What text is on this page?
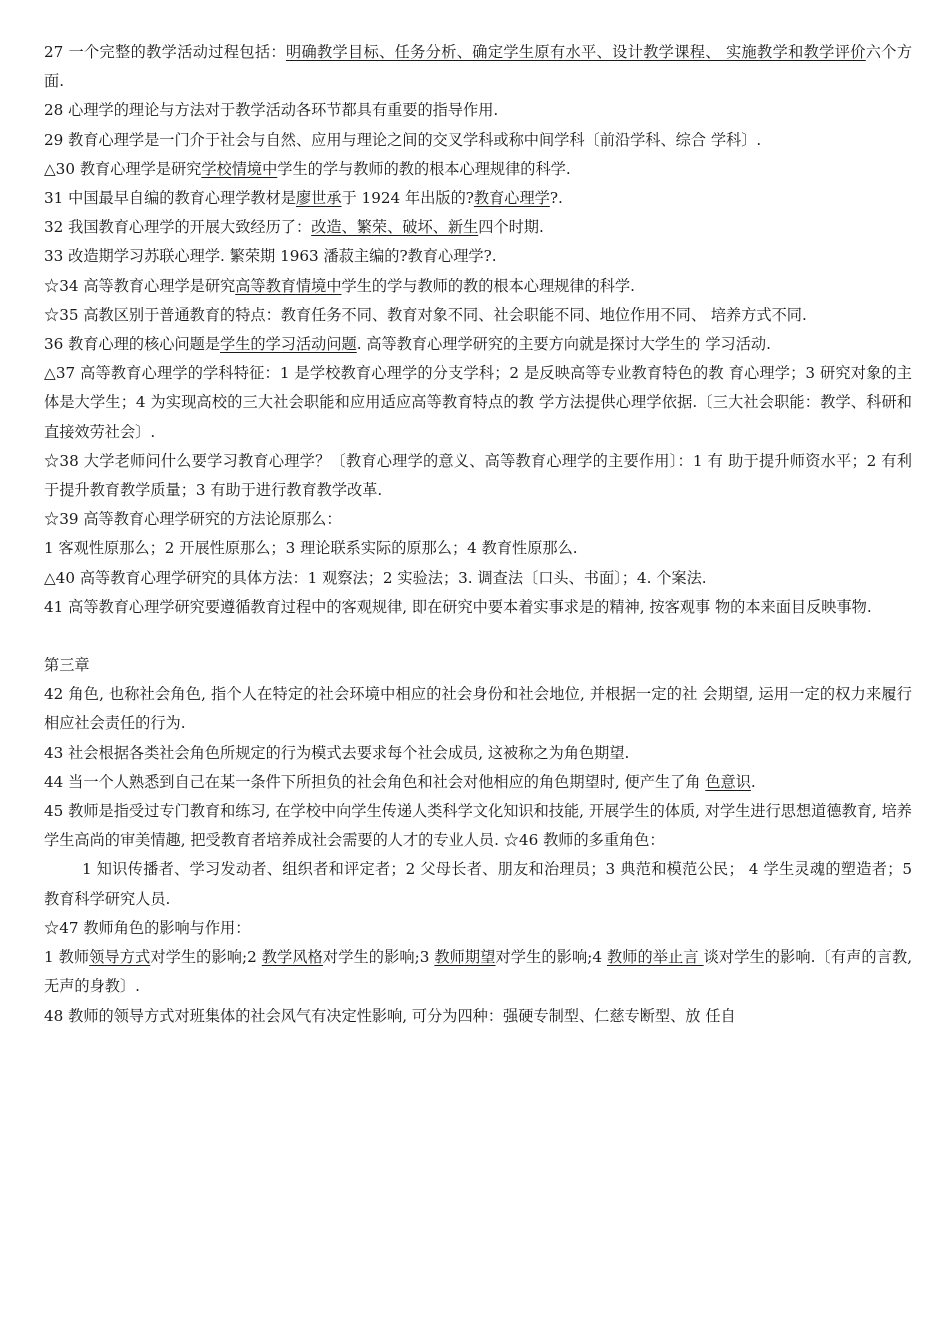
27 一个完整的教学活动过程包括：明确教学目标、任务分析、确定学生原有水平、设计教学课程、 实施教学和教学评价六个方面.

28 心理学的理论与方法对于教学活动各环节都具有重要的指导作用.

29 教育心理学是一门介于社会与自然、应用与理论之间的交叉学科或称中间学科〔前沿学科、综合 学科〕.

△30 教育心理学是研究学校情境中学生的学与教师的教的根本心理规律的科学.

31 中国最早自编的教育心理学教材是廖世承于 1924 年出版的?教育心理学?.

32 我国教育心理学的开展大致经历了：改造、繁荣、破坏、新生四个时期.

33 改造期学习苏联心理学. 繁荣期 1963 潘菽主编的?教育心理学?.

☆34 高等教育心理学是研究高等教育情境中学生的学与教师的教的根本心理规律的科学.

☆35 高教区别于普通教育的特点：教育任务不同、教育对象不同、社会职能不同、地位作用不同、 培养方式不同.

36 教育心理的核心问题是学生的学习活动问题. 高等教育心理学研究的主要方向就是探讨大学生的 学习活动.

△37 高等教育心理学的学科特征：1 是学校教育心理学的分支学科；2 是反映高等专业教育特色的教 育心理学；3 研究对象的主体是大学生；4 为实现高校的三大社会职能和应用适应高等教育特点的教 学方法提供心理学依据.〔三大社会职能：教学、科研和直接效劳社会〕.

☆38 大学老师问什么要学习教育心理学？〔教育心理学的意义、高等教育心理学的主要作用〕：1 有 助于提升师资水平；2 有利于提升教育教学质量；3 有助于进行教育教学改革.

☆39 高等教育心理学研究的方法论原那么：

1 客观性原那么；2 开展性原那么；3 理论联系实际的原那么；4 教育性原那么.

△40 高等教育心理学研究的具体方法：1 观察法；2 实验法；3. 调查法〔口头、书面〕；4. 个案法.

41 高等教育心理学研究要遵循教育过程中的客观规律, 即在研究中要本着实事求是的精神, 按客观事 物的本来面目反映事物.

第三章

42 角色, 也称社会角色, 指个人在特定的社会环境中相应的社会身份和社会地位, 并根据一定的社 会期望, 运用一定的权力来履行相应社会责任的行为.

43 社会根据各类社会角色所规定的行为模式去要求每个社会成员, 这被称之为角色期望.

44 当一个人熟悉到自己在某一条件下所担负的社会角色和社会对他相应的角色期望时, 便产生了角 色意识.

45 教师是指受过专门教育和练习, 在学校中向学生传递人类科学文化知识和技能, 开展学生的体质, 对学生进行思想道德教育, 培养学生高尚的审美情趣, 把受教育者培养成社会需要的人才的专业人员. ☆46 教师的多重角色：

1 知识传播者、学习发动者、组织者和评定者；2 父母长者、朋友和治理员；3 典范和模范公民； 4 学生灵魂的塑造者；5 教育科学研究人员.

☆47 教师角色的影响与作用：

1 教师领导方式对学生的影响;2 教学风格对学生的影响;3 教师期望对学生的影响;4 教师的举止言 谈对学生的影响.〔有声的言教, 无声的身教〕.

48 教师的领导方式对班集体的社会风气有决定性影响, 可分为四种：强硬专制型、仁慈专断型、放 任自
